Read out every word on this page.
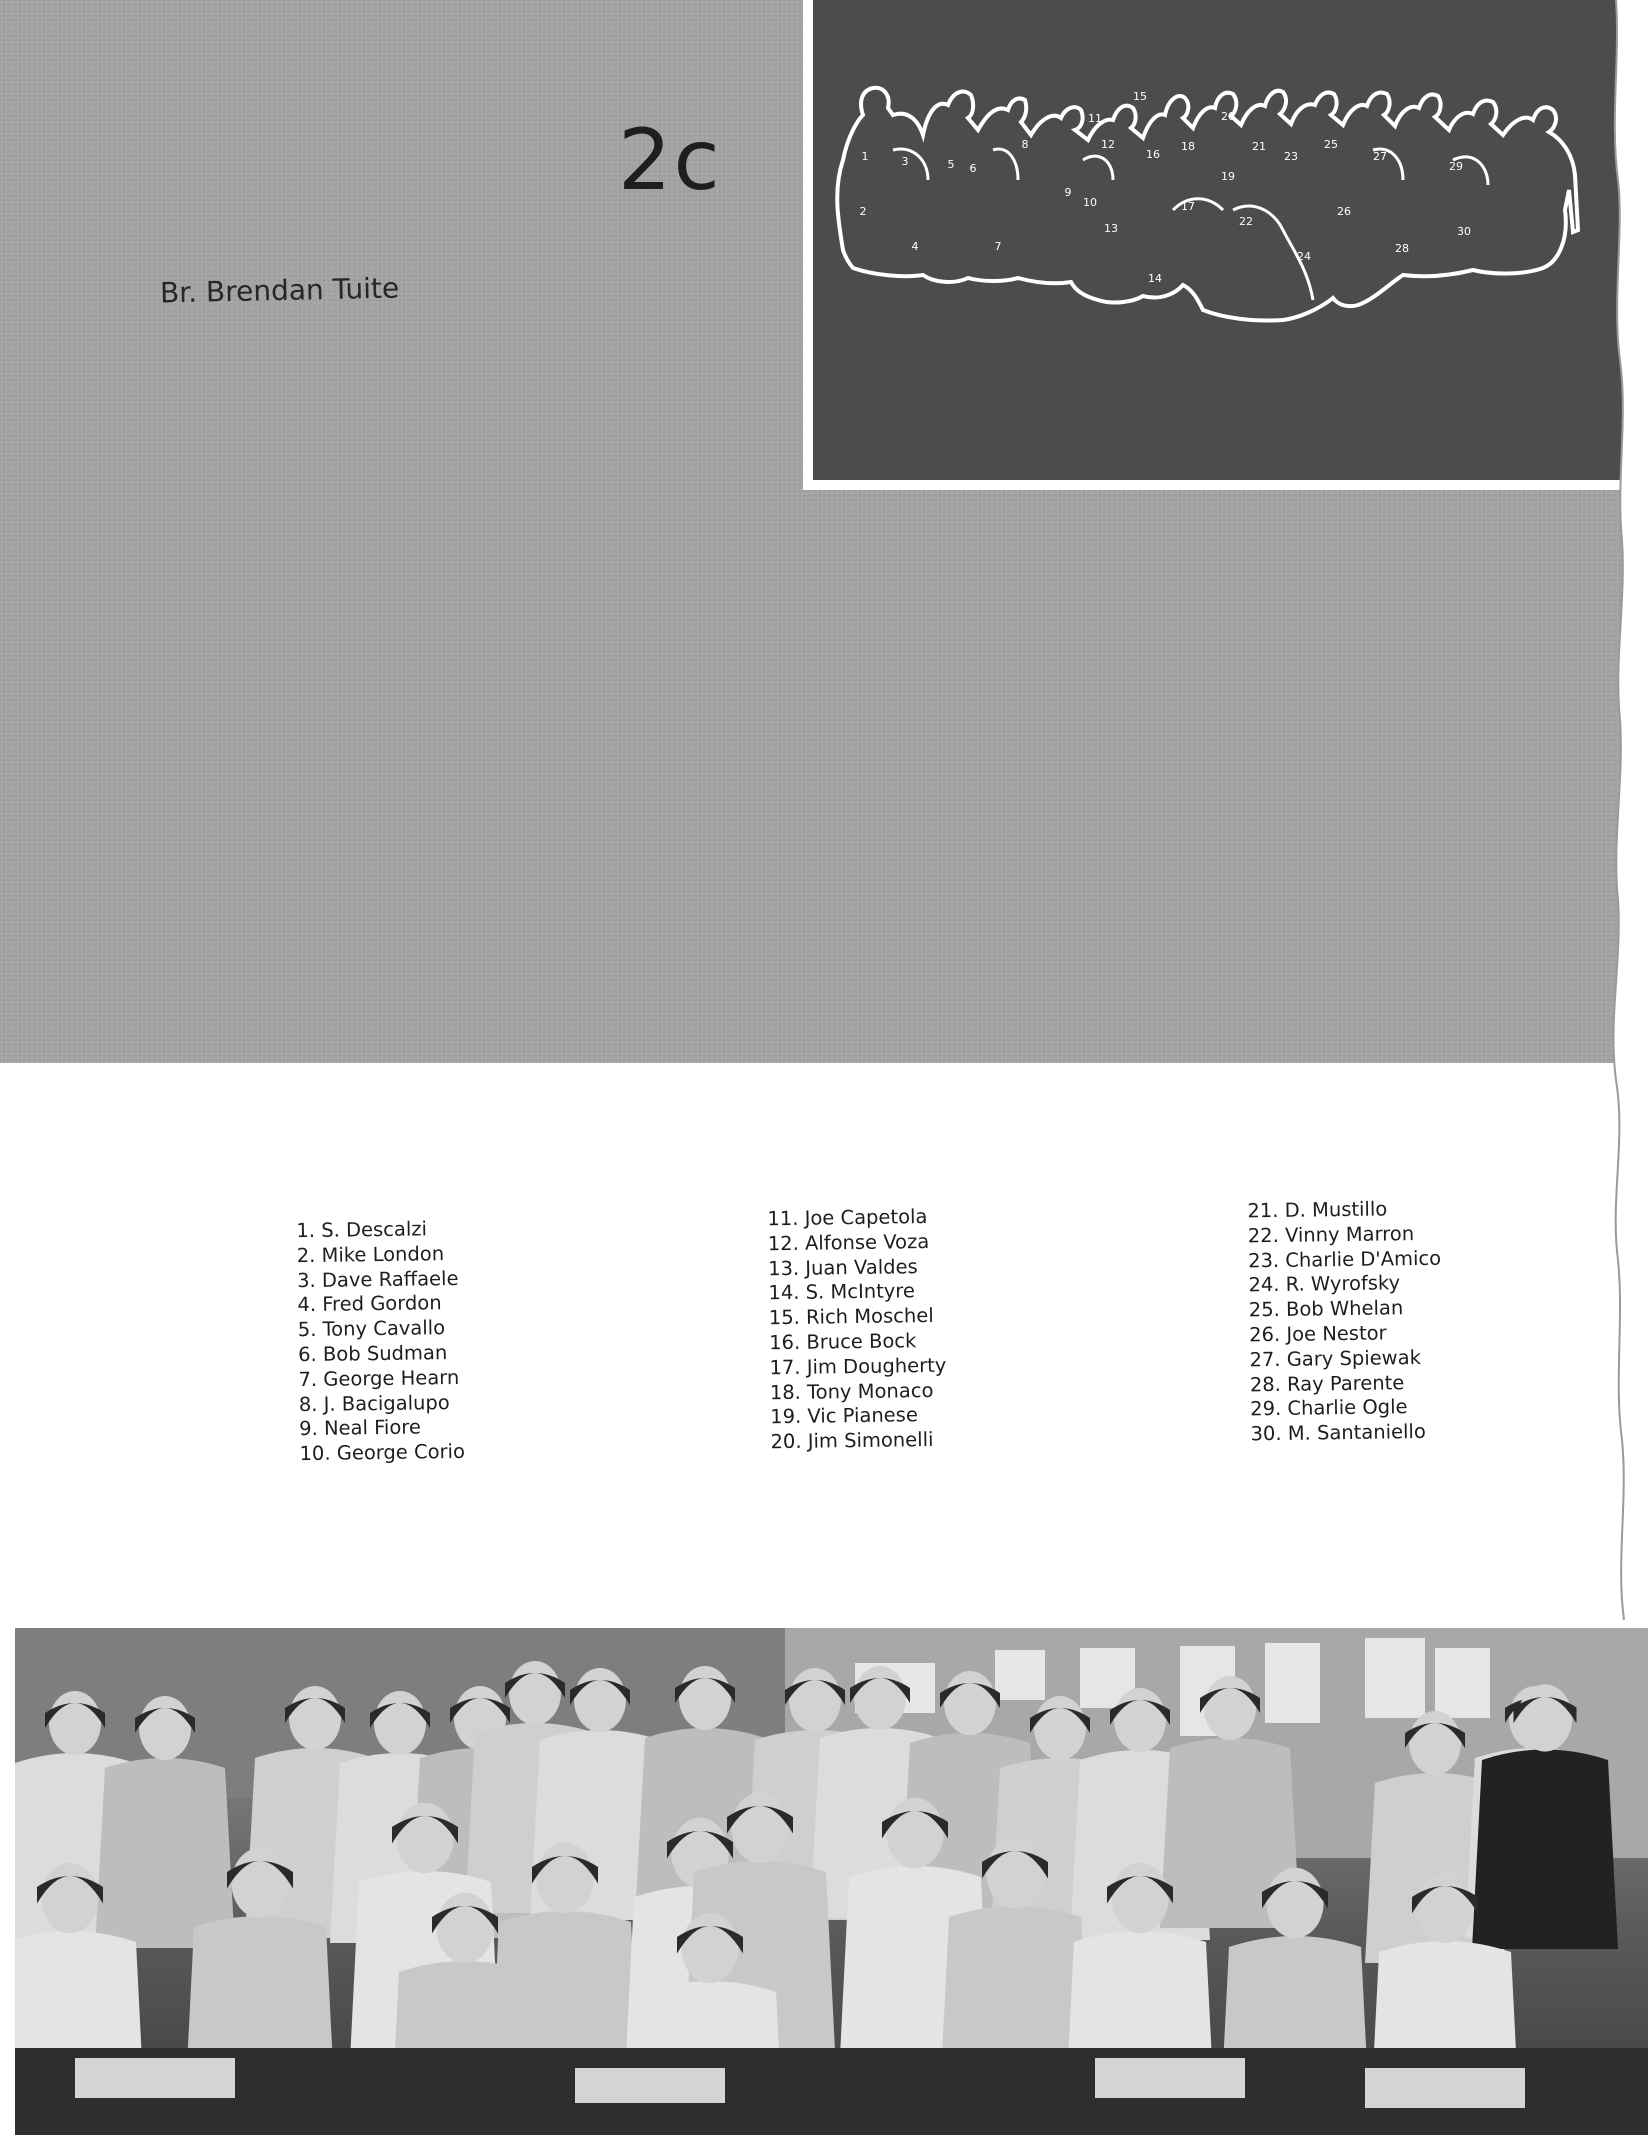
2c

Br. Brendan Tuite

1
2
3
4
5 6
7
8
9
10
11
12
13
14
15
16
17
18
19
20
21
22
23
24
25
26
27
28
29
30
1. S. Descalzi
2. Mike London
3. Dave Raffaele
4. Fred Gordon
5. Tony Cavallo
6. Bob Sudman
7. George Hearn
8. J. Bacigalupo
9. Neal Fiore
10. George Corio
11. Joe Capetola
12. Alfonse Voza
13. Juan Valdes
14. S. McIntyre
15. Rich Moschel
16. Bruce Bock
17. Jim Dougherty
18. Tony Monaco
19. Vic Pianese
20. Jim Simonelli
21. D. Mustillo
22. Vinny Marron
23. Charlie D'Amico
24. R. Wyrofsky
25. Bob Whelan
26. Joe Nestor
27. Gary Spiewak
28. Ray Parente
29. Charlie Ogle
30. M. Santaniello
